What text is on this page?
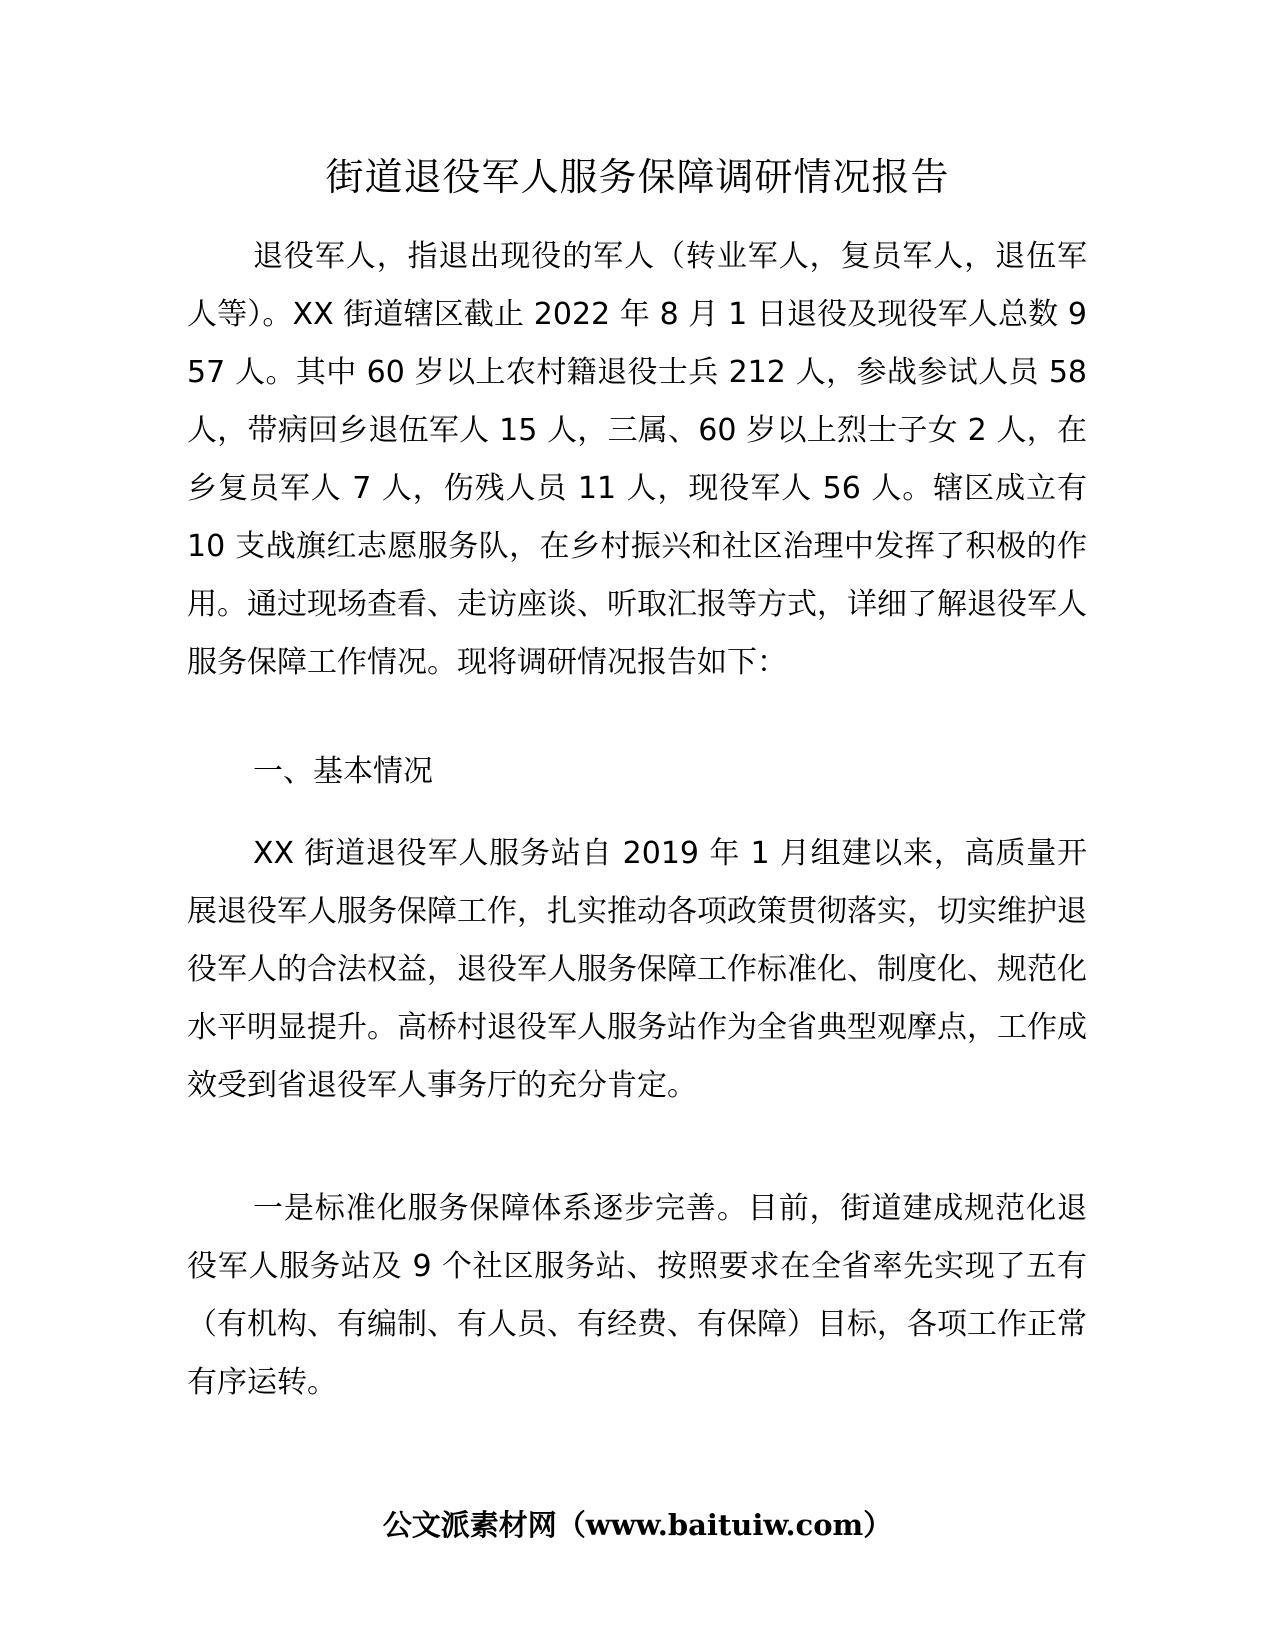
街道退役军人服务保障调研情况报告

退役军人，指退出现役的军人（转业军人，复员军人，退伍军人等）。XX 街道辖区截止 2022 年 8 月 1 日退役及现役军人总数 957 人。其中 60 岁以上农村籍退役士兵 212 人，参战参试人员 58 人，带病回乡退伍军人 15 人，三属、60 岁以上烈士子女 2 人，在乡复员军人 7 人，伤残人员 11 人，现役军人 56 人。辖区成立有 10 支战旗红志愿服务队，在乡村振兴和社区治理中发挥了积极的作用。通过现场查看、走访座谈、听取汇报等方式，详细了解退役军人服务保障工作情况。现将调研情况报告如下：

一、基本情况

XX 街道退役军人服务站自 2019 年 1 月组建以来，高质量开展退役军人服务保障工作，扎实推动各项政策贯彻落实，切实维护退役军人的合法权益，退役军人服务保障工作标准化、制度化、规范化水平明显提升。高桥村退役军人服务站作为全省典型观摩点，工作成效受到省退役军人事务厅的充分肯定。

一是标准化服务保障体系逐步完善。目前，街道建成规范化退役军人服务站及 9 个社区服务站、按照要求在全省率先实现了五有（有机构、有编制、有人员、有经费、有保障）目标，各项工作正常有序运转。

公文派素材网（www.baituiw.com）
